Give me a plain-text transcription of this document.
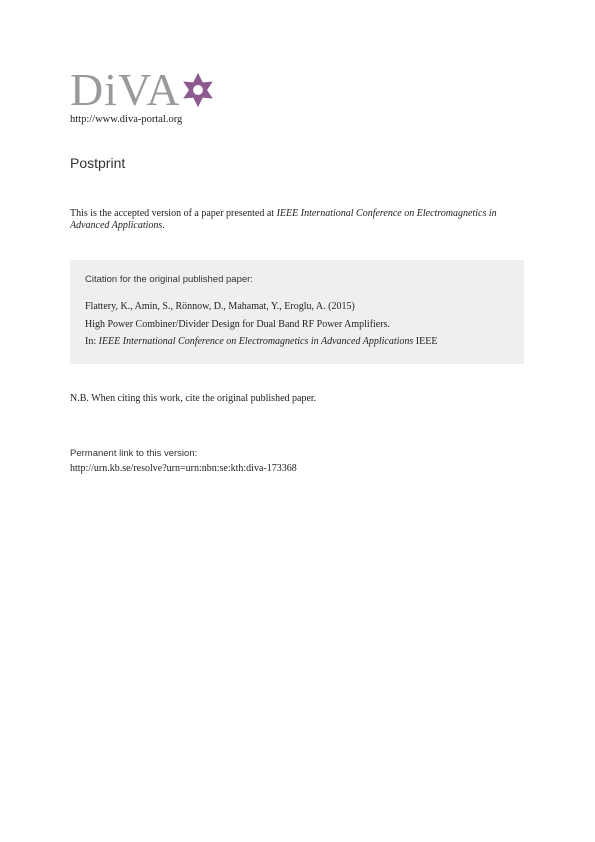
DiVA
http://www.diva-portal.org
Postprint
This is the accepted version of a paper presented at IEEE International Conference on Electromagnetics in Advanced Applications.
Citation for the original published paper:
Flattery, K., Amin, S., Rönnow, D., Mahamat, Y., Eroglu, A. (2015)
High Power Combiner/Divider Design for Dual Band RF Power Amplifiers.
In: IEEE International Conference on Electromagnetics in Advanced Applications IEEE
N.B. When citing this work, cite the original published paper.
Permanent link to this version:
http://urn.kb.se/resolve?urn=urn:nbn:se:kth:diva-173368
